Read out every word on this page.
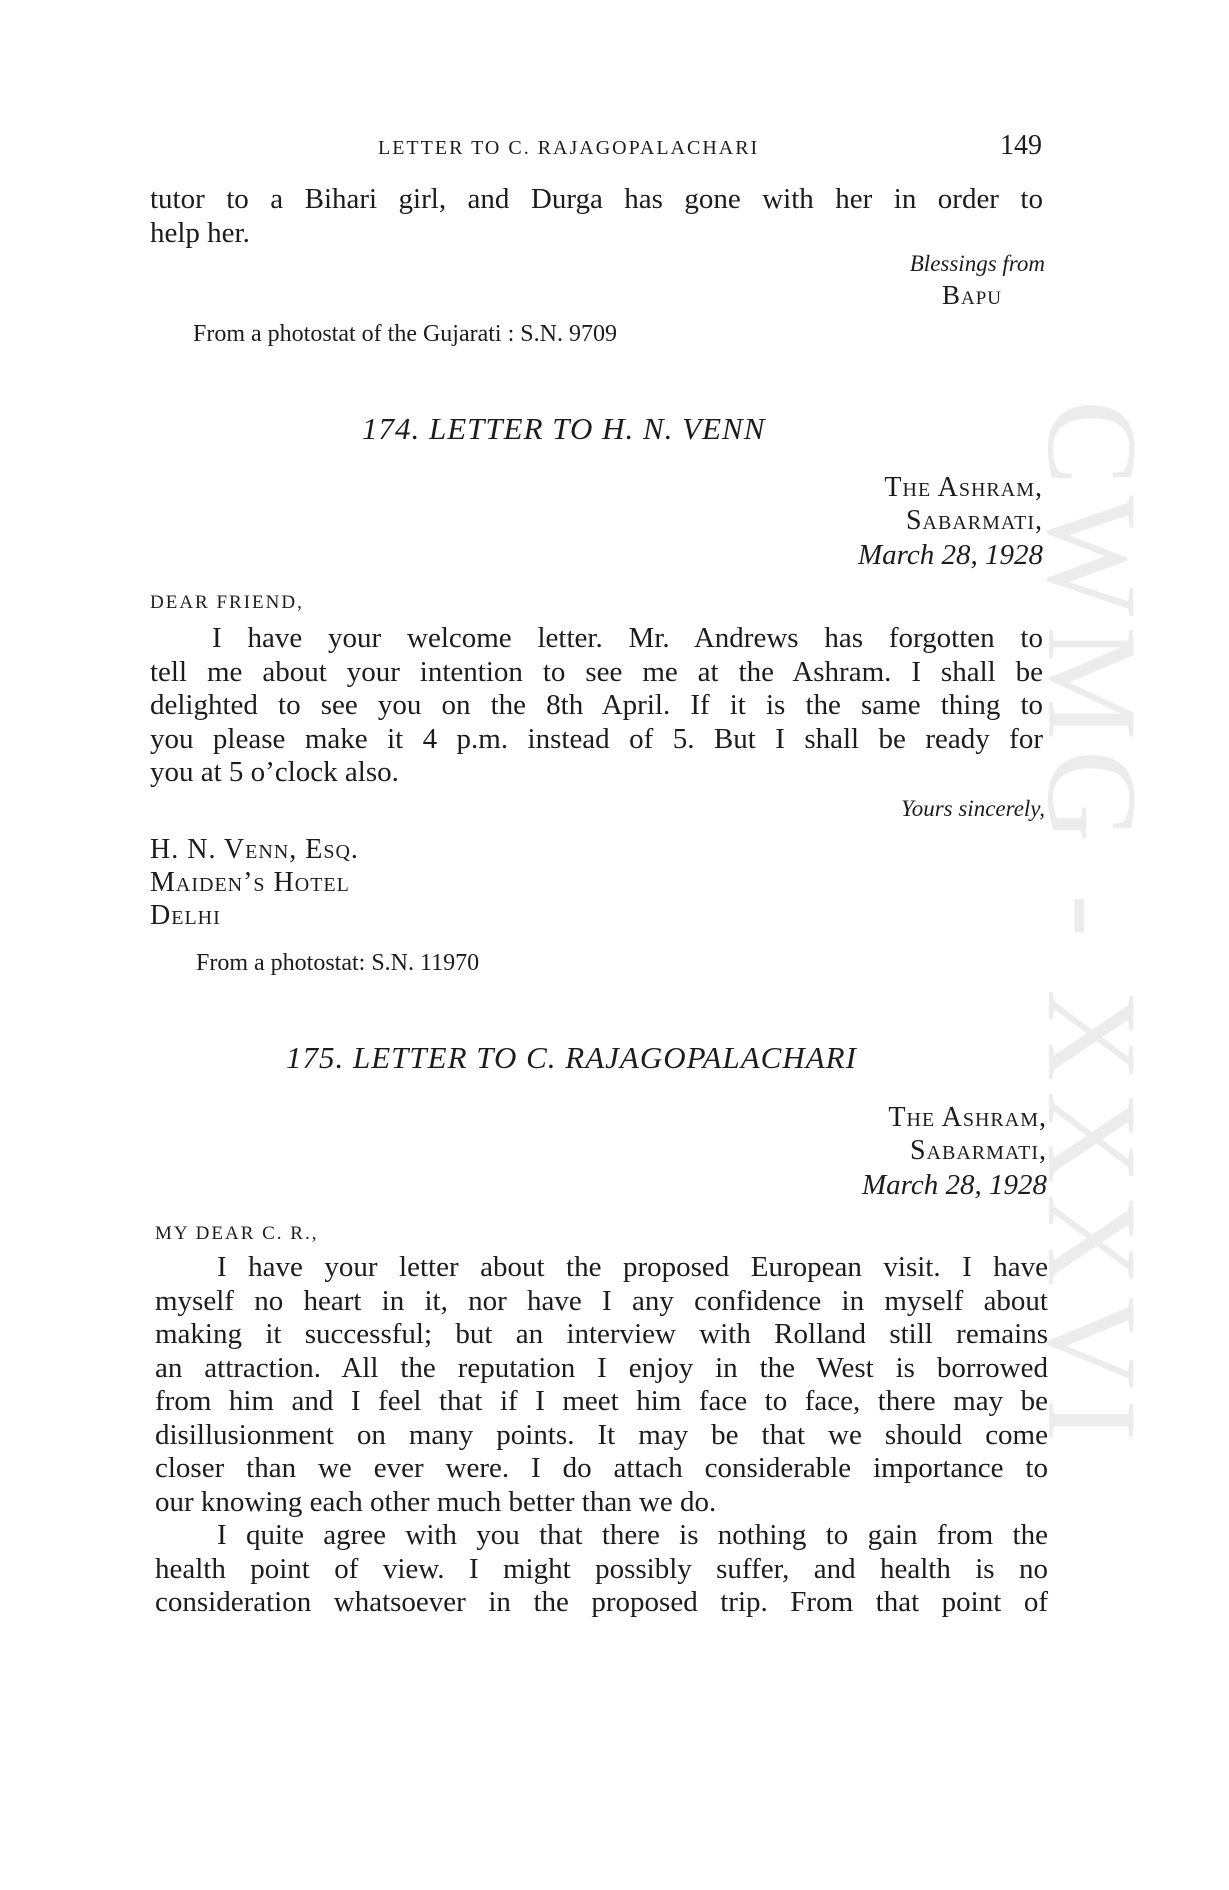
CWMG - XXXVI
LETTER TO C. RAJAGOPALACHARI	149
tutor to a Bihari girl, and Durga has gone with her in order to
help her.
Blessings from
Bapu
From a photostat of the Gujarati : S.N. 9709
174. LETTER TO H. N. VENN
The Ashram,
Sabarmati,
March 28, 1928
DEAR FRIEND,
I have your welcome letter. Mr. Andrews has forgotten to
tell me about your intention to see me at the Ashram. I shall be
delighted to see you on the 8th April. If it is the same thing to
you please make it 4 p.m. instead of 5. But I shall be ready for
you at 5 o’clock also.
Yours sincerely,
H. N. Venn, Esq.
Maiden’s Hotel
Delhi
From a photostat: S.N. 11970
175. LETTER TO C. RAJAGOPALACHARI
The Ashram,
Sabarmati,
March 28, 1928
MY DEAR C. R.,
I have your letter about the proposed European visit. I have
myself no heart in it, nor have I any confidence in myself about
making it successful; but an interview with Rolland still remains
an attraction. All the reputation I enjoy in the West is borrowed
from him and I feel that if I meet him face to face, there may be
disillusionment on many points. It may be that we should come
closer than we ever were. I do attach considerable importance to
our knowing each other much better than we do.
I quite agree with you that there is nothing to gain from the
health point of view. I might possibly suffer, and health is no
consideration whatsoever in the proposed trip. From that point of
